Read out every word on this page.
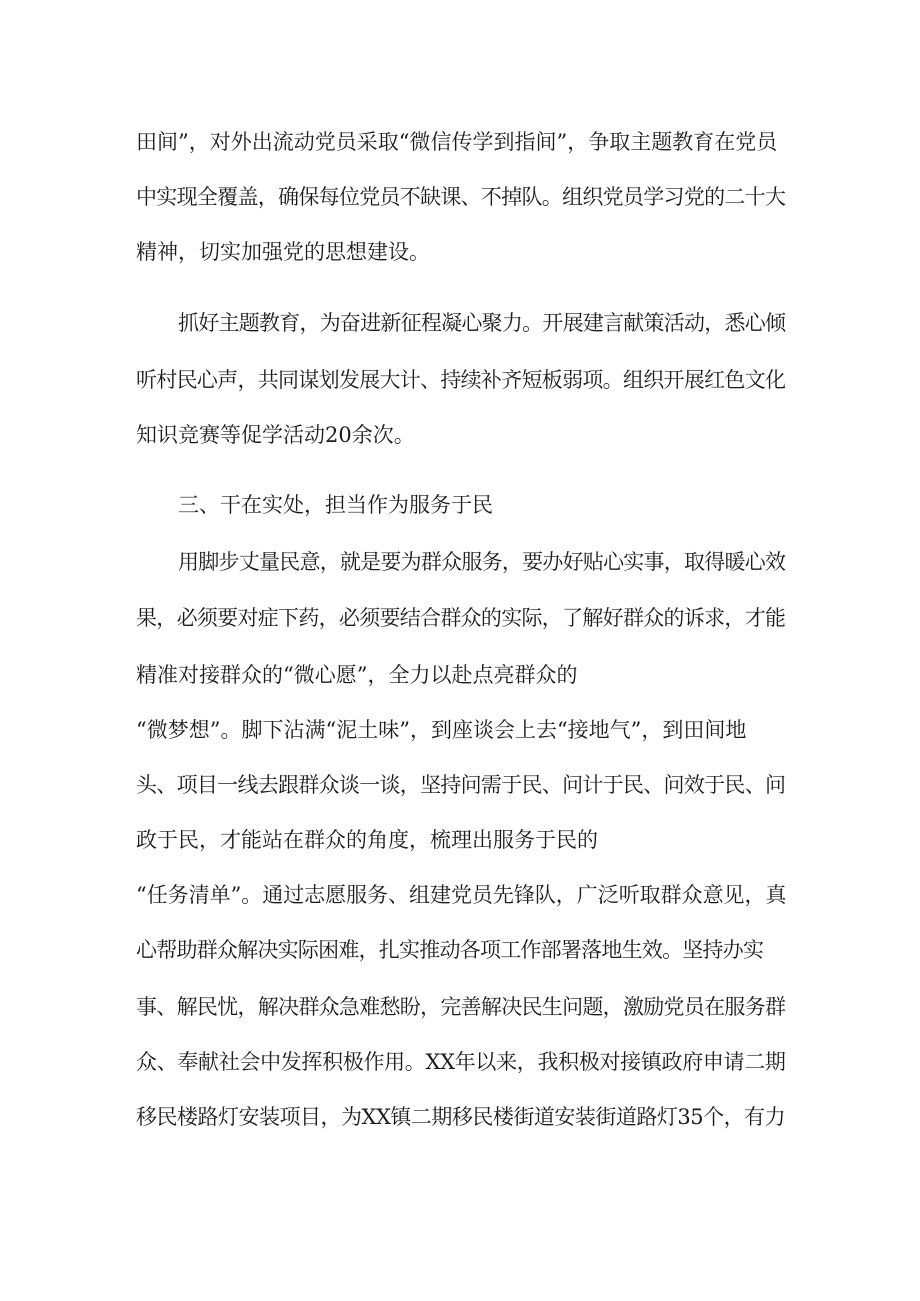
田间”，对外出流动党员采取“微信传学到指间”，争取主题教育在党员

中实现全覆盖，确保每位党员不缺课、不掉队。组织党员学习党的二十大

精神，切实加强党的思想建设。

抓好主题教育，为奋进新征程凝心聚力。开展建言献策活动，悉心倾

听村民心声，共同谋划发展大计、持续补齐短板弱项。组织开展红色文化

知识竞赛等促学活动20余次。

三、干在实处，担当作为服务于民

用脚步丈量民意，就是要为群众服务，要办好贴心实事，取得暖心效

果，必须要对症下药，必须要结合群众的实际，了解好群众的诉求，才能

精准对接群众的“微心愿”，全力以赴点亮群众的

“微梦想”。脚下沾满“泥土味”，到座谈会上去“接地气”，到田间地

头、项目一线去跟群众谈一谈，坚持问需于民、问计于民、问效于民、问

政于民，才能站在群众的角度，梳理出服务于民的

“任务清单”。通过志愿服务、组建党员先锋队，广泛听取群众意见，真

心帮助群众解决实际困难，扎实推动各项工作部署落地生效。坚持办实

事、解民忧，解决群众急难愁盼，完善解决民生问题，激励党员在服务群

众、奉献社会中发挥积极作用。XX年以来，我积极对接镇政府申请二期

移民楼路灯安装项目，为XX镇二期移民楼街道安装街道路灯35个，有力
